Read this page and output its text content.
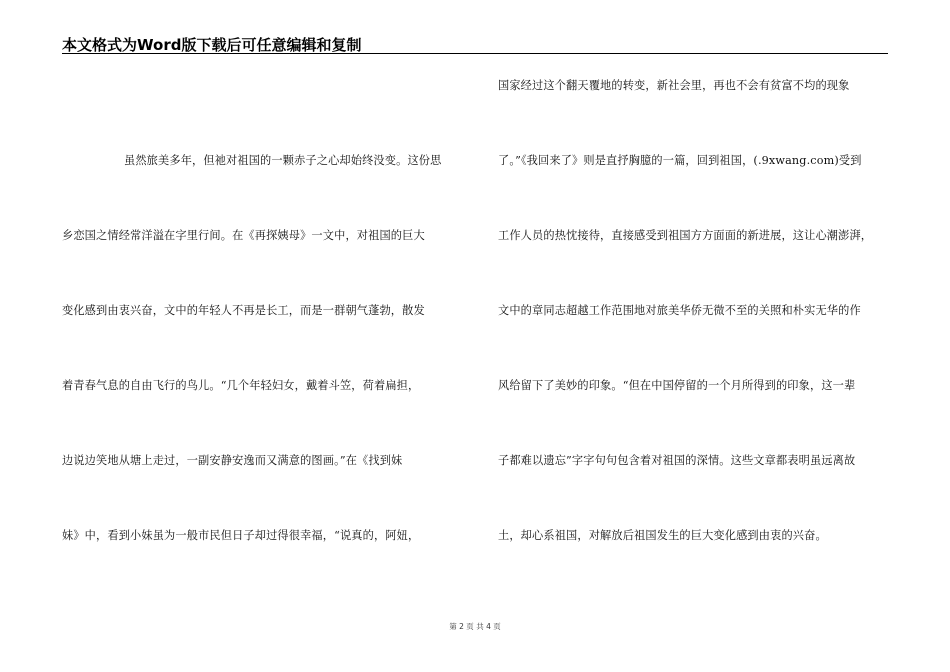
本文格式为Word版下载后可任意编辑和复制
虽然旅美多年，但祂对祖国的一颗赤子之心却始终没变。这份思
乡恋国之情经常洋溢在字里行间。在《再探姨母》一文中，对祖国的巨大
变化感到由衷兴奋，文中的年轻人不再是长工，而是一群朝气蓬勃，散发
着青春气息的自由飞行的鸟儿。“几个年轻妇女，戴着斗笠，荷着扁担，
边说边笑地从塘上走过，一副安静安逸而又满意的图画。”在《找到妹
妹》中，看到小妹虽为一般市民但日子却过得很幸福，“说真的，阿妞，
国家经过这个翻天覆地的转变，新社会里，再也不会有贫富不均的现象
了。”《我回来了》则是直抒胸臆的一篇，回到祖国，(.9xwang.com)受到
工作人员的热忱接待，直接感受到祖国方方面面的新进展，这让心潮澎湃，
文中的章同志超越工作范围地对旅美华侨无微不至的关照和朴实无华的作
风给留下了美妙的印象。“但在中国停留的一个月所得到的印象，这一辈
子都难以遗忘”字字句句包含着对祖国的深情。这些文章都表明虽远离故
土，却心系祖国，对解放后祖国发生的巨大变化感到由衷的兴奋。
第 2 页 共 4 页
